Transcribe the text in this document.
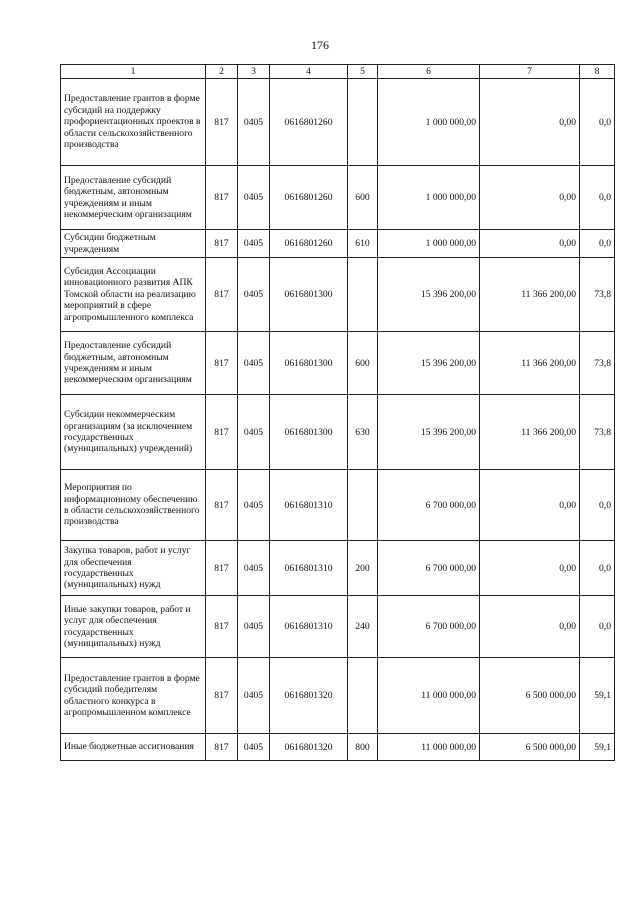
176
1	2	3	4	5	6	7	8
Предоставление грантов в форме субсидий на поддержку профориентационных проектов в области сельскохозяйственного производства	817	0405	0616801260		1 000 000,00	0,00	0,0
Предоставление субсидий бюджетным, автономным учреждениям и иным некоммерческим организациям	817	0405	0616801260	600	1 000 000,00	0,00	0,0
Субсидии бюджетным учреждениям	817	0405	0616801260	610	1 000 000,00	0,00	0,0
Субсидия Ассоциации инновационного развития АПК Томской области на реализацию мероприятий в сфере агропромышленного комплекса	817	0405	0616801300		15 396 200,00	11 366 200,00	73,8
Предоставление субсидий бюджетным, автономным учреждениям и иным некоммерческим организациям	817	0405	0616801300	600	15 396 200,00	11 366 200,00	73,8
Субсидии некоммерческим организациям (за исключением государственных (муниципальных) учреждений)	817	0405	0616801300	630	15 396 200,00	11 366 200,00	73,8
Мероприятия по информационному обеспечению в области сельскохозяйственного производства	817	0405	0616801310		6 700 000,00	0,00	0,0
Закупка товаров, работ и услуг для обеспечения государственных (муниципальных) нужд	817	0405	0616801310	200	6 700 000,00	0,00	0,0
Иные закупки товаров, работ и услуг для обеспечения государственных (муниципальных) нужд	817	0405	0616801310	240	6 700 000,00	0,00	0,0
Предоставление грантов в форме субсидий победителям областного конкурса в агропромышленном комплексе	817	0405	0616801320		11 000 000,00	6 500 000,00	59,1
Иные бюджетные ассигнования	817	0405	0616801320	800	11 000 000,00	6 500 000,00	59,1
